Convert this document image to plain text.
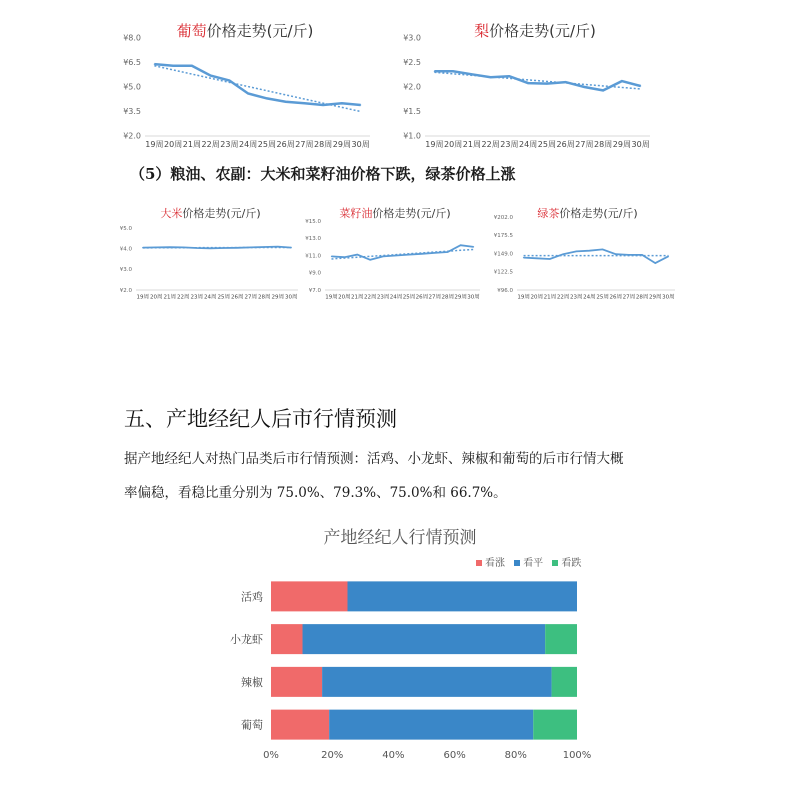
葡萄价格走势(元/斤)
¥8.0
¥6.5
¥5.0
¥3.5
¥2.0
19周 20周 21周 22周 23周 24周 25周 26周 27周 28周 29周 30周
梨价格走势(元/斤)
¥3.0
¥2.5
¥2.0
¥1.5
¥1.0
19周 20周 21周 22周 23周 24周 25周 26周 27周 28周 29周 30周
（5）粮油、农副：大米和菜籽油价格下跌，绿茶价格上涨
大米价格走势(元/斤)
¥5.0
¥4.0
¥3.0
¥2.0
19周 20周 21周 22周 23周 24周 25周 26周 27周 28周 29周 30周
菜籽油价格走势(元/斤)
¥15.0
¥13.0
¥11.0
¥9.0
¥7.0
19周 20周 21周 22周 23周 24周 25周 26周 27周 28周 29周 30周
绿茶价格走势(元/斤)
¥202.0
¥175.5
¥149.0
¥122.5
¥96.0
19周 20周 21周 22周 23周 24周 25周 26周 27周 28周 29周 30周
五、产地经纪人后市行情预测
据产地经纪人对热门品类后市行情预测：活鸡、小龙虾、辣椒和葡萄的后市行情大概
率偏稳，看稳比重分别为 75.0%、79.3%、75.0%和 66.7%。
产地经纪人行情预测
看涨 看平 看跌
0%	20%	40%	60%	80%	100%
活鸡
小龙虾
辣椒
葡萄
